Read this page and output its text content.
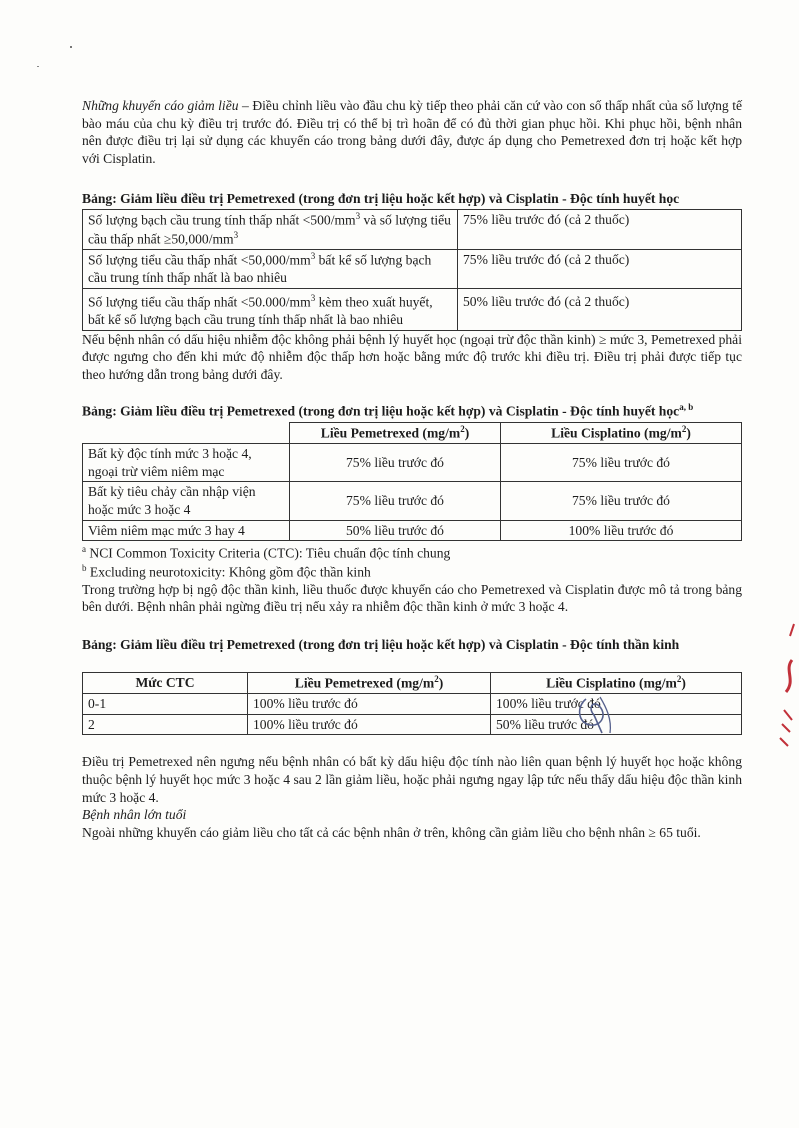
Những khuyến cáo giảm liều – Điều chỉnh liều vào đầu chu kỳ tiếp theo phải căn cứ vào con số thấp nhất của số lượng tế bào máu của chu kỳ điều trị trước đó. Điều trị có thể bị trì hoãn để có đủ thời gian phục hồi. Khi phục hồi, bệnh nhân nên được điều trị lại sử dụng các khuyến cáo trong bảng dưới đây, được áp dụng cho Pemetrexed đơn trị hoặc kết hợp với Cisplatin.

Bảng: Giảm liều điều trị Pemetrexed (trong đơn trị liệu hoặc kết hợp) và Cisplatin - Độc tính huyết học

Số lượng bạch cầu trung tính thấp nhất $<500/mm^3$ và số lượng tiểu cầu thấp nhất $\ge 50,000/mm^3$	75% liều trước đó (cả 2 thuốc)
Số lượng tiểu cầu thấp nhất $<50,000/mm^3$ bất kể số lượng bạch cầu trung tính thấp nhất là bao nhiêu	75% liều trước đó (cả 2 thuốc)
Số lượng tiểu cầu thấp nhất $<50.000/mm^3$ kèm theo xuất huyết, bất kể số lượng bạch cầu trung tính thấp nhất là bao nhiêu	50% liều trước đó (cả 2 thuốc)

Nếu bệnh nhân có dấu hiệu nhiễm độc không phải bệnh lý huyết học (ngoại trừ độc thần kinh) ≥ mức 3, Pemetrexed phải được ngưng cho đến khi mức độ nhiễm độc thấp hơn hoặc bằng mức độ trước khi điều trị. Điều trị phải được tiếp tục theo hướng dẫn trong bảng dưới đây.

Bảng: Giảm liều điều trị Pemetrexed (trong đơn trị liệu hoặc kết hợp) và Cisplatin - Độc tính huyết học$^{a, b}$

	Liều Pemetrexed $(mg/m^2)$	Liều Cisplatino $(mg/m^2)$
Bất kỳ độc tính mức 3 hoặc 4, ngoại trừ viêm niêm mạc	75% liều trước đó	75% liều trước đó
Bất kỳ tiêu chảy cần nhập viện hoặc mức 3 hoặc 4	75% liều trước đó	75% liều trước đó
Viêm niêm mạc mức 3 hay 4	50% liều trước đó	100% liều trước đó

$^a$ NCI Common Toxicity Criteria (CTC): Tiêu chuẩn độc tính chung

$^b$ Excluding neurotoxicity: Không gồm độc thần kinh

Trong trường hợp bị ngộ độc thần kinh, liều thuốc được khuyến cáo cho Pemetrexed và Cisplatin được mô tả trong bảng bên dưới. Bệnh nhân phải ngừng điều trị nếu xảy ra nhiễm độc thần kinh ở mức 3 hoặc 4.

Bảng: Giảm liều điều trị Pemetrexed (trong đơn trị liệu hoặc kết hợp) và Cisplatin - Độc tính thần kinh

Mức CTC	Liều Pemetrexed $(mg/m^2)$	Liều Cisplatino $(mg/m^2)$
0-1	100% liều trước đó	100% liều trước đó
2	100% liều trước đó	50% liều trước đó

Điều trị Pemetrexed nên ngưng nếu bệnh nhân có bất kỳ dấu hiệu độc tính nào liên quan bệnh lý huyết học hoặc không thuộc bệnh lý huyết học mức 3 hoặc 4 sau 2 lần giảm liều, hoặc phải ngưng ngay lập tức nếu thấy dấu hiệu độc thần kinh mức 3 hoặc 4.

Bệnh nhân lớn tuổi

Ngoài những khuyến cáo giảm liều cho tất cả các bệnh nhân ở trên, không cần giảm liều cho bệnh nhân ≥ 65 tuổi.
